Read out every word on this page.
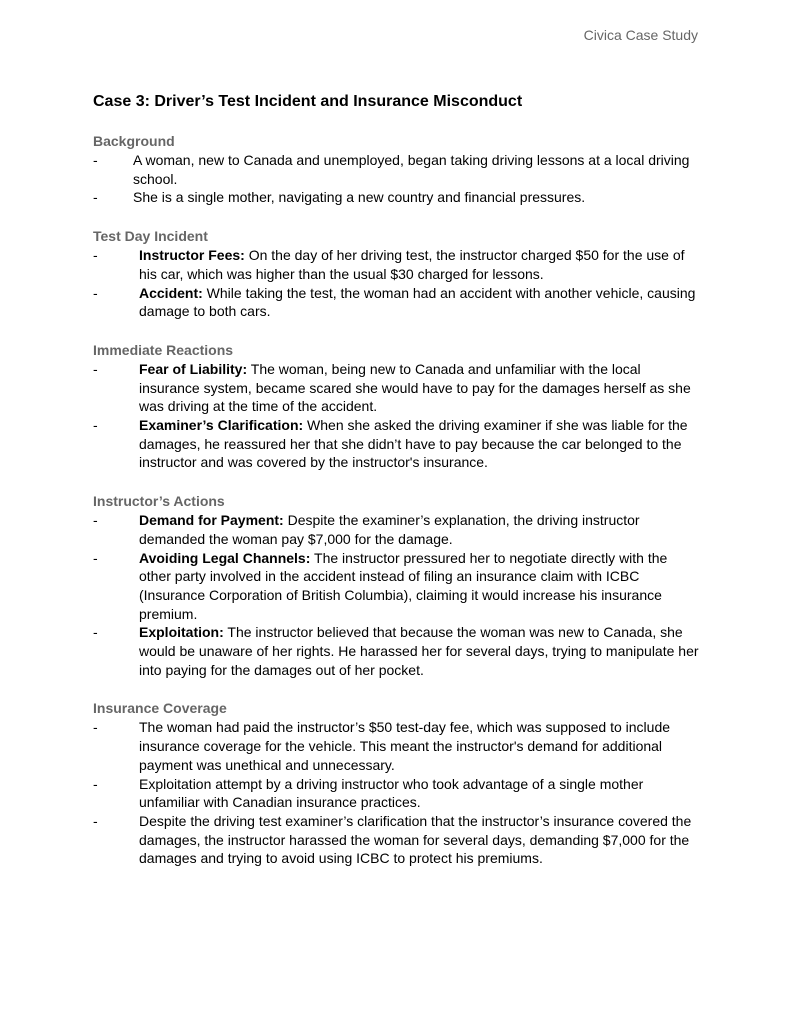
Civica Case Study
Case 3: Driver’s Test Incident and Insurance Misconduct
Background
-	A woman, new to Canada and unemployed, began taking driving lessons at a local driving school.
-	She is a single mother, navigating a new country and financial pressures.
Test Day Incident
-	Instructor Fees: On the day of her driving test, the instructor charged $50 for the use of his car, which was higher than the usual $30 charged for lessons.
-	Accident: While taking the test, the woman had an accident with another vehicle, causing damage to both cars.
Immediate Reactions
-	Fear of Liability: The woman, being new to Canada and unfamiliar with the local insurance system, became scared she would have to pay for the damages herself as she was driving at the time of the accident.
-	Examiner’s Clarification: When she asked the driving examiner if she was liable for the damages, he reassured her that she didn’t have to pay because the car belonged to the instructor and was covered by the instructor's insurance.
Instructor’s Actions
-	Demand for Payment: Despite the examiner’s explanation, the driving instructor demanded the woman pay $7,000 for the damage.
-	Avoiding Legal Channels: The instructor pressured her to negotiate directly with the other party involved in the accident instead of filing an insurance claim with ICBC (Insurance Corporation of British Columbia), claiming it would increase his insurance premium.
-	Exploitation: The instructor believed that because the woman was new to Canada, she would be unaware of her rights. He harassed her for several days, trying to manipulate her into paying for the damages out of her pocket.
Insurance Coverage
-	The woman had paid the instructor’s $50 test-day fee, which was supposed to include insurance coverage for the vehicle. This meant the instructor's demand for additional payment was unethical and unnecessary.
-	Exploitation attempt by a driving instructor who took advantage of a single mother unfamiliar with Canadian insurance practices.
-	Despite the driving test examiner’s clarification that the instructor’s insurance covered the damages, the instructor harassed the woman for several days, demanding $7,000 for the damages and trying to avoid using ICBC to protect his premiums.
